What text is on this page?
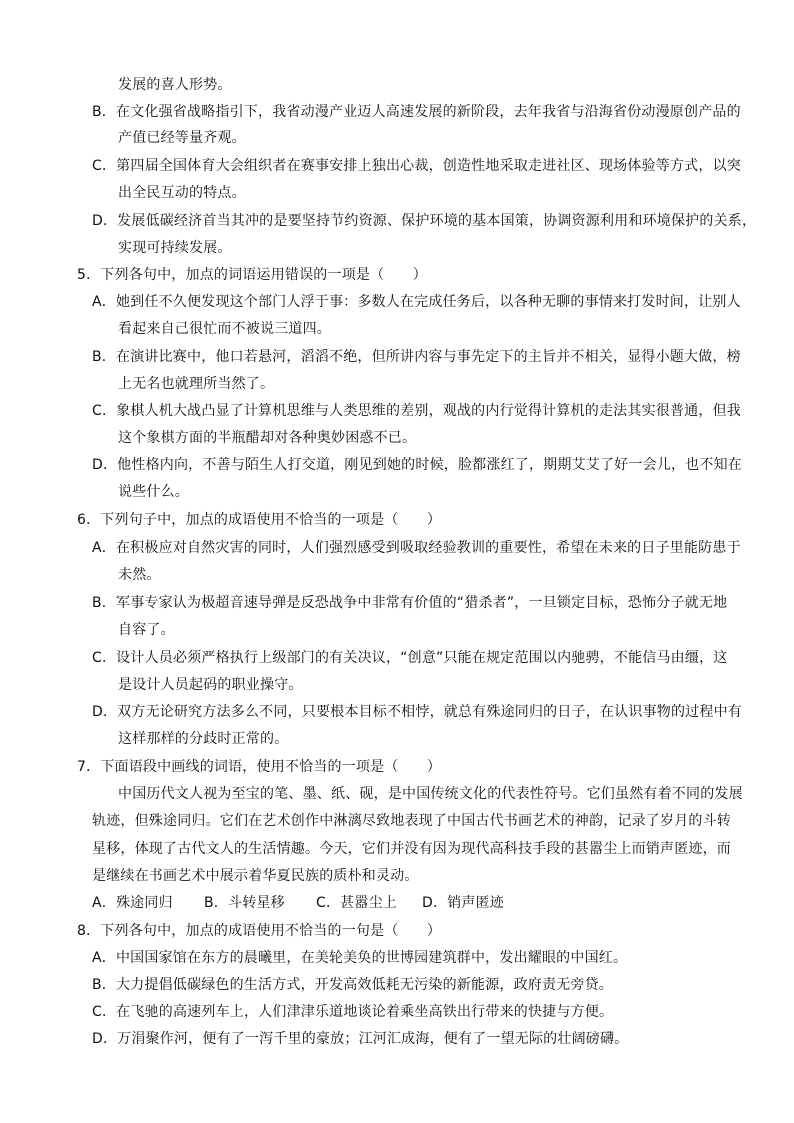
发展的喜人形势。
B．在文化强省战略指引下，我省动漫产业迈人高速发展的新阶段，去年我省与沿海省份动漫原创产品的
产值已经等量齐观。
C．第四届全国体育大会组织者在赛事安排上独出心裁，创造性地采取走进社区、现场体验等方式，以突
出全民互动的特点。
D．发展低碳经济首当其冲的是要坚持节约资源、保护环境的基本国策，协调资源利用和环境保护的关系，
实现可持续发展。
5．下列各句中，加点的词语运用错误的一项是（　　）
A．她到任不久便发现这个部门人浮于事：多数人在完成任务后，以各种无聊的事情来打发时间，让别人
看起来自己很忙而不被说三道四。
B．在演讲比赛中，他口若悬河，滔滔不绝，但所讲内容与事先定下的主旨并不相关，显得小题大做，榜
上无名也就理所当然了。
C．象棋人机大战凸显了计算机思维与人类思维的差别，观战的内行觉得计算机的走法其实很普通，但我
这个象棋方面的半瓶醋却对各种奥妙困惑不已。
D．他性格内向，不善与陌生人打交道，刚见到她的时候，脸都涨红了，期期艾艾了好一会儿，也不知在
说些什么。
6．下列句子中，加点的成语使用不恰当的一项是（　　）
A．在积极应对自然灾害的同时，人们强烈感受到吸取经验教训的重要性，希望在未来的日子里能防患于
未然。
B．军事专家认为极超音速导弹是反恐战争中非常有价值的“猎杀者”，一旦锁定目标，恐怖分子就无地
自容了。
C．设计人员必须严格执行上级部门的有关决议，“创意”只能在规定范围以内驰骋，不能信马由缰，这
是设计人员起码的职业操守。
D．双方无论研究方法多么不同，只要根本目标不相悖，就总有殊途同归的日子，在认识事物的过程中有
这样那样的分歧时正常的。
7．下面语段中画线的词语，使用不恰当的一项是（　　）
中国历代文人视为至宝的笔、墨、纸、砚，是中国传统文化的代表性符号。它们虽然有着不同的发展
轨迹，但殊途同归。它们在艺术创作中淋漓尽致地表现了中国古代书画艺术的神韵，记录了岁月的斗转
星移，体现了古代文人的生活情趣。今天，它们并没有因为现代高科技手段的甚嚣尘上而销声匿迹，而
是继续在书画艺术中展示着华夏民族的质朴和灵动。
A．殊途同归 B．斗转星移 C．甚嚣尘上 D．销声匿迹
8．下列各句中，加点的成语使用不恰当的一句是（　　）
A．中国国家馆在东方的晨曦里，在美轮美奂的世博园建筑群中，发出耀眼的中国红。
B．大力提倡低碳绿色的生活方式，开发高效低耗无污染的新能源，政府责无旁贷。
C．在飞驰的高速列车上，人们津津乐道地谈论着乘坐高铁出行带来的快捷与方便。
D．万涓聚作河，便有了一泻千里的豪放；江河汇成海，便有了一望无际的壮阔磅礴。
